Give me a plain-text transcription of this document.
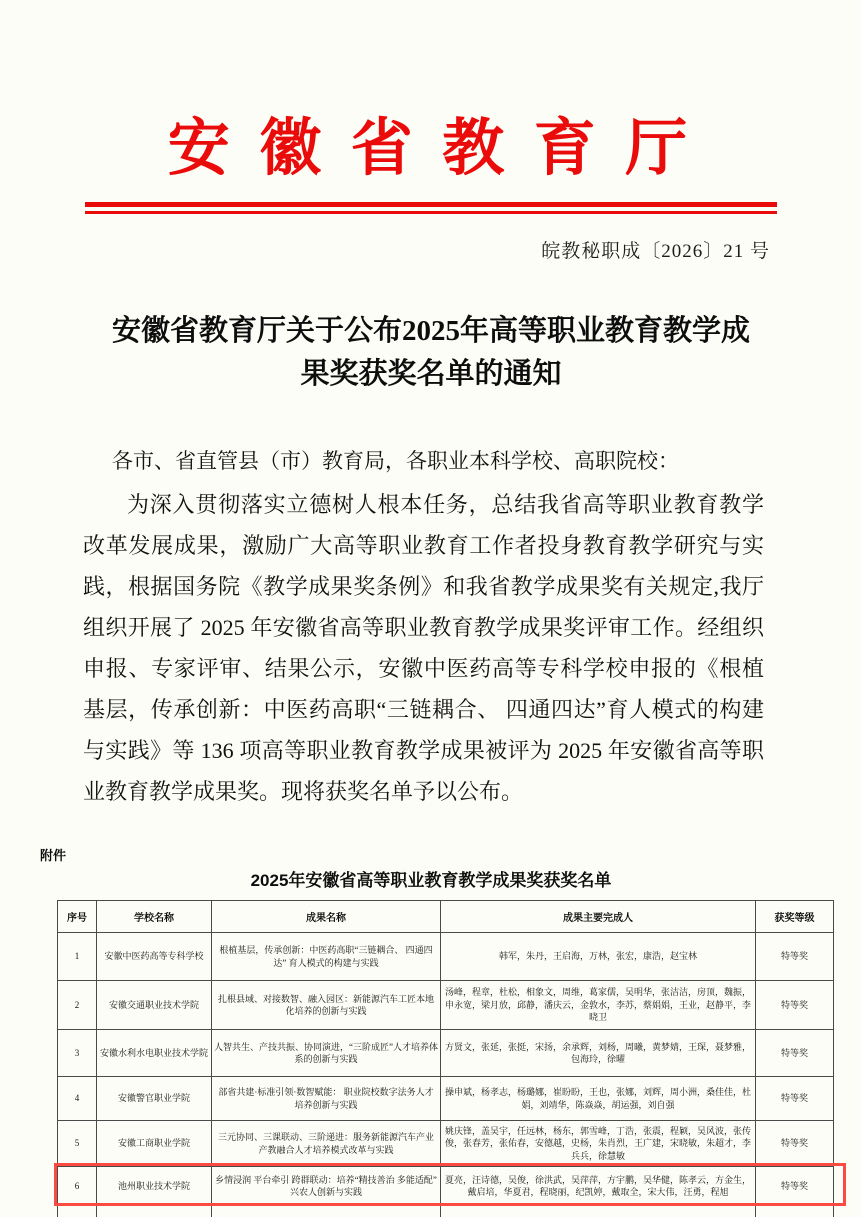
安 徽 省 教 育 厅
皖教秘职成〔2026〕21 号
安徽省教育厅关于公布2025年高等职业教育教学成果奖获奖名单的通知

各市、省直管县（市）教育局，各职业本科学校、高职院校：

为深入贯彻落实立德树人根本任务，总结我省高等职业教育教学改革发展成果，激励广大高等职业教育工作者投身教育教学研究与实践，根据国务院《教学成果奖条例》和我省教学成果奖有关规定,我厅组织开展了 2025 年安徽省高等职业教育教学成果奖评审工作。经组织申报、专家评审、结果公示，安徽中医药高等专科学校申报的《根植基层，传承创新：中医药高职“三链耦合、 四通四达”育人模式的构建与实践》等 136 项高等职业教育教学成果被评为 2025 年安徽省高等职业教育教学成果奖。现将获奖名单予以公布。

附件
2025年安徽省高等职业教育教学成果奖获奖名单
序号	学校名称	成果名称	成果主要完成人	获奖等级
1	安徽中医药高等专科学校	根植基层，传承创新：中医药高职“三链耦合、 四通四达” 育人模式的构建与实践	韩军，朱丹，王启海，万林，张宏，康浩，赵宝林	特等奖
2	安徽交通职业技术学院	扎根县域、对接数智、融入园区：新能源汽车工匠本地化培养的创新与实践	汤峰，程章，杜松，相象文，周维，葛家儒，吴明华，张洁洁，房顶，魏振，申永宽，梁月放，邱静，潘庆云，金敦水，李苏，蔡娟娟，王业，赵静平，李晓卫	特等奖
3	安徽水利水电职业技术学院	人智共生、产技共振、协同演进，“三阶成匠”人才培养体系的创新与实践	方贤文，张延，张挺，宋扬，余承辉，刘杨，周曦，黄梦婧，王琛，聂梦雅，包海玲，徐曜	特等奖
4	安徽警官职业学院	部省共建·标准引领·数智赋能： 职业院校数字法务人才培养创新与实践	操申斌，杨孝志，杨璐娜，崔盼盼，王也，张娜，刘辉，周小洲，桑佳佳，杜娟，刘靖华，陈焱焱，胡运强，刘自强	特等奖
5	安徽工商职业学院	三元协同、三课联动、三阶递进：服务新能源汽车产业产教融合人才培养模式改革与实践	姚庆锋，盖吴宇，任远林，杨东，郭雪峰，丁浩，张震，程颖，吴风波，张传俊，张春芳，张佑春，安德越，史杨，朱肖烈，王广建，宋晓敏，朱超才，李兵兵，徐慧敏	特等奖
6	池州职业技术学院	乡情浸润 平台牵引 跨群联动：培养“精技善治 多能适配” 兴农人创新与实践	夏亮，汪诗德，吴俊，徐洪武，吴萍萍，方宇鹏，吴华健，陈孝云，方金生，戴启培，华夏君，程晓丽，纪凯婷，戴取全，宋大伟，汪勇，程旭	特等奖
